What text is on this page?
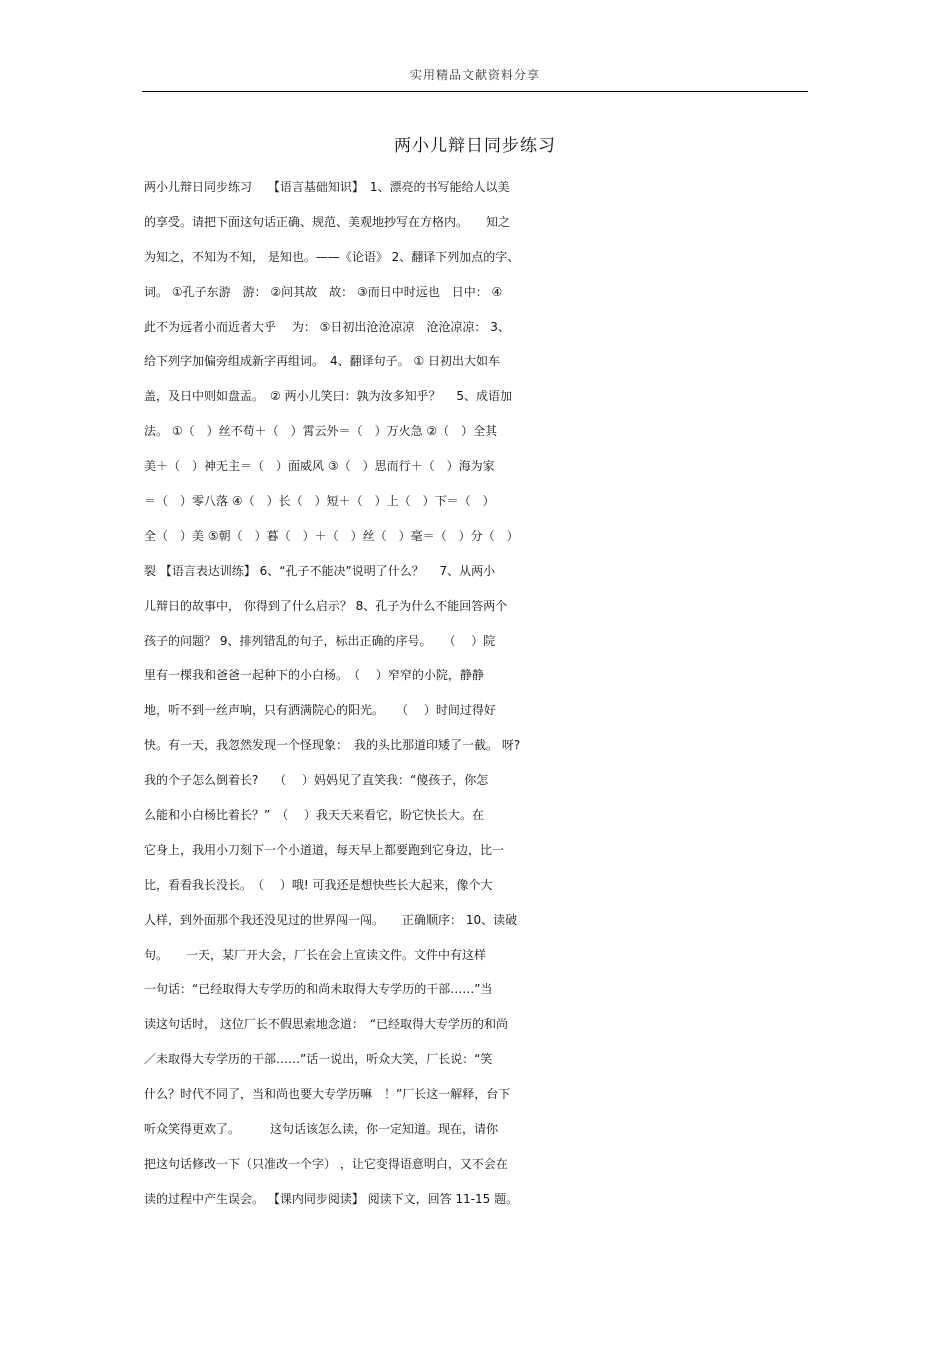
实用精品文献资料分享
两小儿辩日同步练习
两小儿辩日同步练习　 【语言基础知识】　1、漂亮的书写能给人以美
的享受。请把下面这句话正确、规范、美观地抄写在方格内。　　知之
为知之，不知为不知， 是知也。——《论语》 2、翻译下列加点的字、
词。 ①孔子东游　游： ②问其故　故： ③而日中时远也　日中： ④
此不为远者小而近者大乎　 为： ⑤日初出沧沧凉凉　沧沧凉凉： 3、
给下列字加偏旁组成新字再组词。　4、翻译句子。 ① 日初出大如车
盖，及日中则如盘盂。　② 两小儿笑曰：孰为汝多知乎？　 5、成语加
法。 ①（　）丝不苟＋（　）霄云外＝（　）万火急 ②（　）全其
美＋（　）神无主＝（　）面威风 ③（　）思而行＋（　）海为家
＝（　）零八落 ④（　）长（　）短＋（　）上（　）下＝（　）
全（　）美 ⑤朝（　）暮（　）＋（　）丝（　）毫＝（　）分（　）
裂 【语言表达训练】 6、“孔子不能决”说明了什么？　 7、从两小
儿辩日的故事中， 你得到了什么启示？ 8、孔子为什么不能回答两个
孩子的问题？ 9、排列错乱的句子，标出正确的序号。　　（　 ）院
里有一棵我和爸爸一起种下的小白杨。　（　 ）窄窄的小院，静静
地，听不到一丝声响，只有洒满院心的阳光。　　（　 ）时间过得好
快。有一天，我忽然发现一个怪现象：　我的头比那道印矮了一截。 呀?
我的个子怎么倒着长?　 （　 ）妈妈见了直笑我：“傻孩子，你怎
么能和小白杨比着长？”　（　 ）我天天来看它，盼它快长大。在
它身上，我用小刀刻下一个小道道，每天早上都要跑到它身边，比一
比，看看我长没长。　（　 ）哦! 可我还是想快些长大起来，像个大
人样，到外面那个我还没见过的世界闯一闯。　　正确顺序： 10、读破
句。　　一天，某厂开大会，厂长在会上宣读文件。文件中有这样
一句话：“已经取得大专学历的和尚未取得大专学历的干部……”当
读这句话时， 这位厂长不假思索地念道：　“已经取得大专学历的和尚
／未取得大专学历的干部……”话一说出，听众大笑，厂长说：“笑
什么？时代不同了，当和尚也要大专学历嘛　！”厂长这一解释，台下
听众笑得更欢了。　　　这句话该怎么读，你一定知道。现在，请你
把这句话修改一下（只准改一个字） ，让它变得语意明白，又不会在
读的过程中产生误会。 【课内同步阅读】 阅读下文，回答 11-15 题。
